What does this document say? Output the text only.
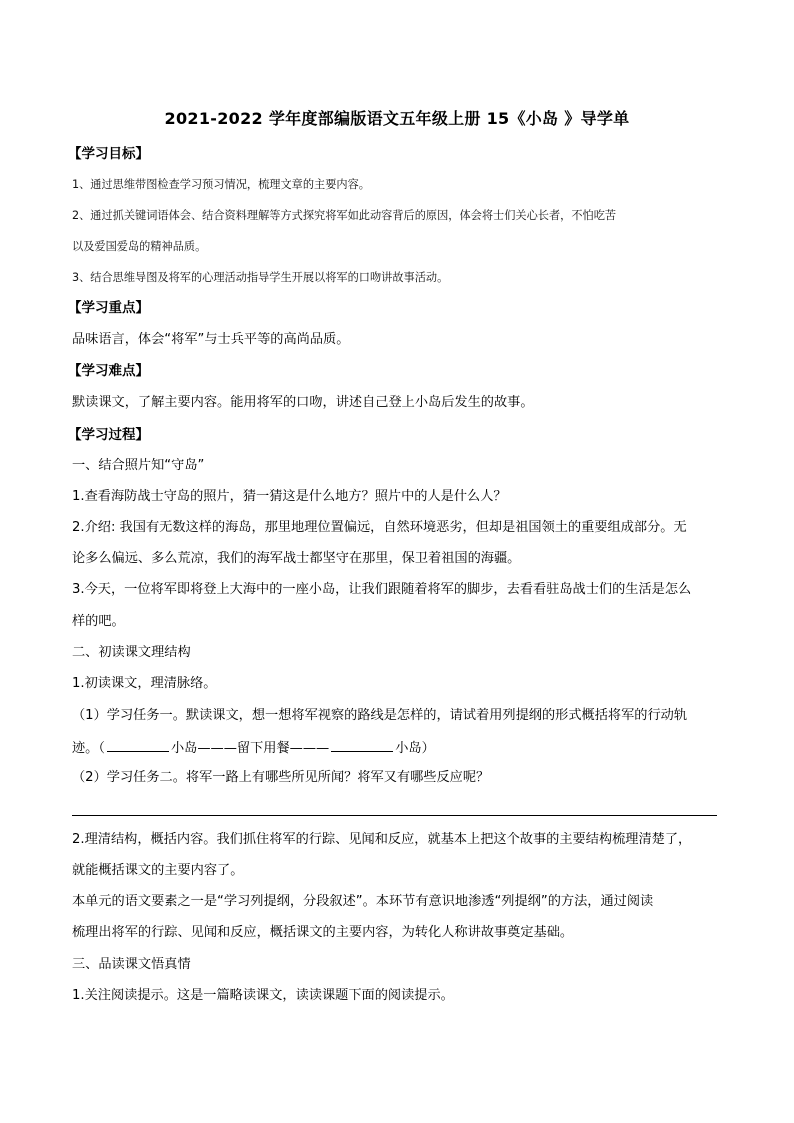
2021-2022 学年度部编版语文五年级上册 15《小岛 》导学单
【学习目标】
1、通过思维带图检查学习预习情况，梳理文章的主要内容。
2、通过抓关键词语体会、结合资料理解等方式探究将军如此动容背后的原因，体会将士们关心长者，不怕吃苦
以及爱国爱岛的精神品质。
3、结合思维导图及将军的心理活动指导学生开展以将军的口吻讲故事活动。
【学习重点】
品味语言，体会“将军”与士兵平等的高尚品质。
【学习难点】
默读课文，了解主要内容。能用将军的口吻，讲述自己登上小岛后发生的故事。
【学习过程】
一、结合照片知“守岛”
1.查看海防战士守岛的照片，猜一猜这是什么地方？照片中的人是什么人？
2.介绍: 我国有无数这样的海岛，那里地理位置偏远，自然环境恶劣，但却是祖国领土的重要组成部分。无
论多么偏远、多么荒凉，我们的海军战士都坚守在那里，保卫着祖国的海疆。
3.今天，一位将军即将登上大海中的一座小岛，让我们跟随着将军的脚步，去看看驻岛战士们的生活是怎么
样的吧。
二、初读课文理结构
1.初读课文，理清脉络。
（1）学习任务一。默读课文，想一想将军视察的路线是怎样的，请试着用列提纲的形式概括将军的行动轨
迹。（	小岛———留下用餐———	小岛）
（2）学习任务二。将军一路上有哪些所见所闻？将军又有哪些反应呢？
2.理清结构，概括内容。我们抓住将军的行踪、见闻和反应，就基本上把这个故事的主要结构梳理清楚了，
就能概括课文的主要内容了。
本单元的语文要素之一是“学习列提纲，分段叙述”。本环节有意识地渗透“列提纲”的方法，通过阅读
梳理出将军的行踪、见闻和反应，概括课文的主要内容，为转化人称讲故事奠定基础。
三、品读课文悟真情
1.关注阅读提示。这是一篇略读课文，读读课题下面的阅读提示。
